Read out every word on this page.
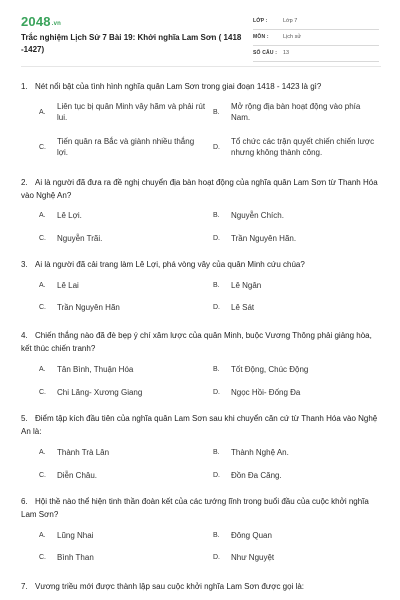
2048.vn
Trắc nghiệm Lịch Sử 7 Bài 19: Khởi nghĩa Lam Sơn ( 1418 -1427)
LỚP :	Lớp 7
MÔN :	Lịch sử
SỐ CÂU : 13
1. Nét nổi bật của tình hình nghĩa quân Lam Sơn trong giai đoạn 1418 - 1423 là gì?
A.
Liên tục bị quân Minh vây hãm và phải rút lui.
B.
Mở rộng địa bàn hoạt động vào phía Nam.
C.
Tiến quân ra Bắc và giành nhiều thắng lợi.
D.
Tổ chức các trận quyết chiến chiến lược nhưng không thành công.
2. Ai là người đã đưa ra đề nghị chuyển địa bàn hoạt động của nghĩa quân Lam Sơn từ Thanh Hóa vào Nghệ An?
A. Lê Lợi.	B. Nguyễn Chích.
C. Nguyễn Trãi.	D. Trần Nguyên Hãn.
3. Ai là người đã cải trang làm Lê Lợi, phá vòng vây của quân Minh cứu chúa?
A. Lê Lai	B. Lê Ngân
C. Trần Nguyên Hãn	D. Lê Sát
4. Chiến thắng nào đã đè bẹp ý chí xâm lược của quân Minh, buộc Vương Thông phải giảng hòa, kết thúc chiến tranh?
A. Tân Bình, Thuận Hóa	B. Tốt Động, Chúc Động
C. Chi Lăng- Xương Giang	D. Ngọc Hồi- Đống Đa
5. Điểm tập kích đầu tiên của nghĩa quân Lam Sơn sau khi chuyển căn cứ từ Thanh Hóa vào Nghệ An là:
A. Thành Trà Lân	B. Thành Nghệ An.
C. Diễn Châu.	D. Đồn Đa Căng.
6. Hội thề nào thể hiện tinh thần đoàn kết của các tướng lĩnh trong buổi đầu của cuộc khởi nghĩa Lam Sơn?
A. Lũng Nhai	B. Đông Quan
C. Bình Than	D. Như Nguyệt
7. Vương triều mới được thành lập sau cuộc khởi nghĩa Lam Sơn được gọi là:
